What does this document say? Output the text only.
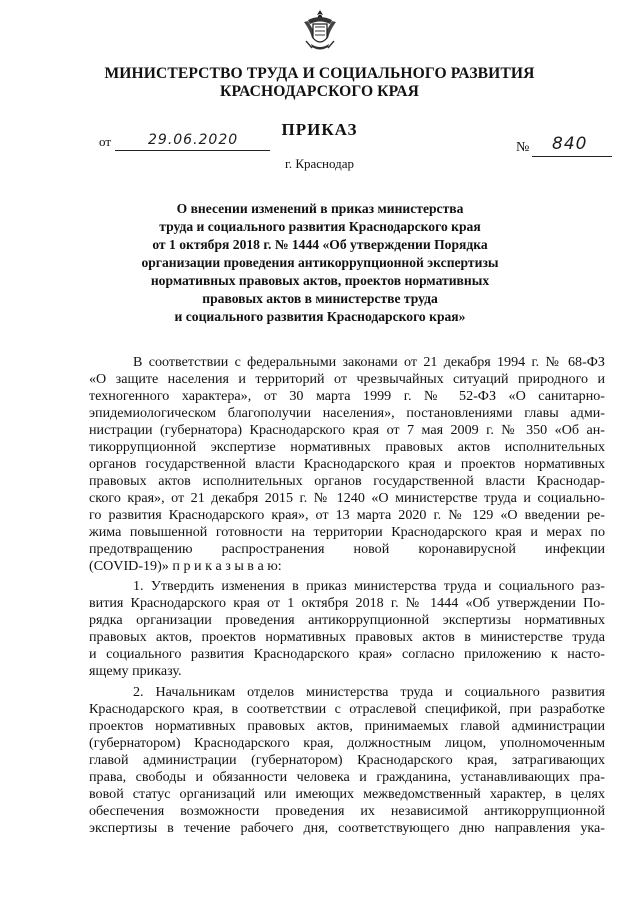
МИНИСТЕРСТВО ТРУДА И СОЦИАЛЬНОГО РАЗВИТИЯ
КРАСНОДАРСКОГО КРАЯ
ПРИКАЗ
от	29.06.2020	№ 840
г. Краснодар
О внесении изменений в приказ министерства
труда и социального развития Краснодарского края
от 1 октября 2018 г. № 1444 «Об утверждении Порядка
организации проведения антикоррупционной экспертизы
нормативных правовых актов, проектов нормативных
правовых актов в министерстве труда
и социального развития Краснодарского края»
В соответствии с федеральными законами от 21 декабря 1994 г. № 68-ФЗ
«О защите населения и территорий от чрезвычайных ситуаций природного и
техногенного характера», от 30 марта 1999 г. № 52-ФЗ «О санитарно-
эпидемиологическом благополучии населения», постановлениями главы адми-
нистрации (губернатора) Краснодарского края от 7 мая 2009 г. № 350 «Об ан-
тикоррупционной экспертизе нормативных правовых актов исполнительных
органов государственной власти Краснодарского края и проектов нормативных
правовых актов исполнительных органов государственной власти Краснодар-
ского края», от 21 декабря 2015 г. № 1240 «О министерстве труда и социально-
го развития Краснодарского края», от 13 марта 2020 г. № 129 «О введении ре-
жима повышенной готовности на территории Краснодарского края и мерах по
предотвращению распространения новой коронавирусной инфекции
(COVID-19)» п р и к а з ы в а ю:
1. Утвердить изменения в приказ министерства труда и социального раз-
вития Краснодарского края от 1 октября 2018 г. № 1444 «Об утверждении По-
рядка организации проведения антикоррупционной экспертизы нормативных
правовых актов, проектов нормативных правовых актов в министерстве труда
и социального развития Краснодарского края» согласно приложению к насто-
ящему приказу.
2. Начальникам отделов министерства труда и социального развития
Краснодарского края, в соответствии с отраслевой спецификой, при разработке
проектов нормативных правовых актов, принимаемых главой администрации
(губернатором) Краснодарского края, должностным лицом, уполномоченным
главой администрации (губернатором) Краснодарского края, затрагивающих
права, свободы и обязанности человека и гражданина, устанавливающих пра-
вовой статус организаций или имеющих межведомственный характер, в целях
обеспечения возможности проведения их независимой антикоррупционной
экспертизы в течение рабочего дня, соответствующего дню направления ука-
